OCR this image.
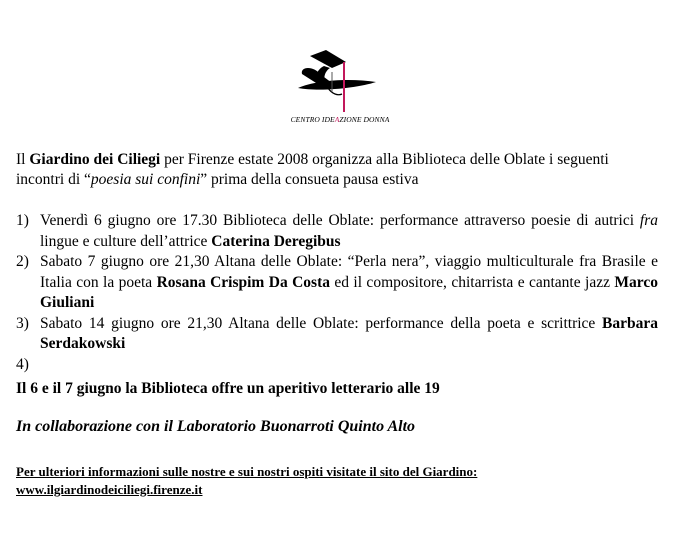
CENTRO IDEAZIONE DONNA
Il Giardino dei Ciliegi per Firenze estate 2008 organizza alla Biblioteca delle Oblate i seguenti incontri di “poesia sui confini” prima della consueta pausa estiva
1) Venerdì 6 giugno ore 17.30 Biblioteca delle Oblate: performance attraverso poesie di autrici fra lingue e culture dell’attrice Caterina Deregibus
2) Sabato 7 giugno ore 21,30 Altana delle Oblate: “Perla nera”, viaggio multiculturale fra Brasile e Italia con la poeta Rosana Crispim Da Costa ed il compositore, chitarrista e cantante jazz Marco Giuliani
3) Sabato 14 giugno ore 21,30 Altana delle Oblate: performance della poeta e scrittrice Barbara Serdakowski
4)

Il 6 e il 7 giugno la Biblioteca offre un aperitivo letterario alle 19
In collaborazione con il Laboratorio Buonarroti Quinto Alto
Per ulteriori informazioni sulle nostre e sui nostri ospiti visitate il sito del Giardino:
www.ilgiardinodeiciliegi.firenze.it
